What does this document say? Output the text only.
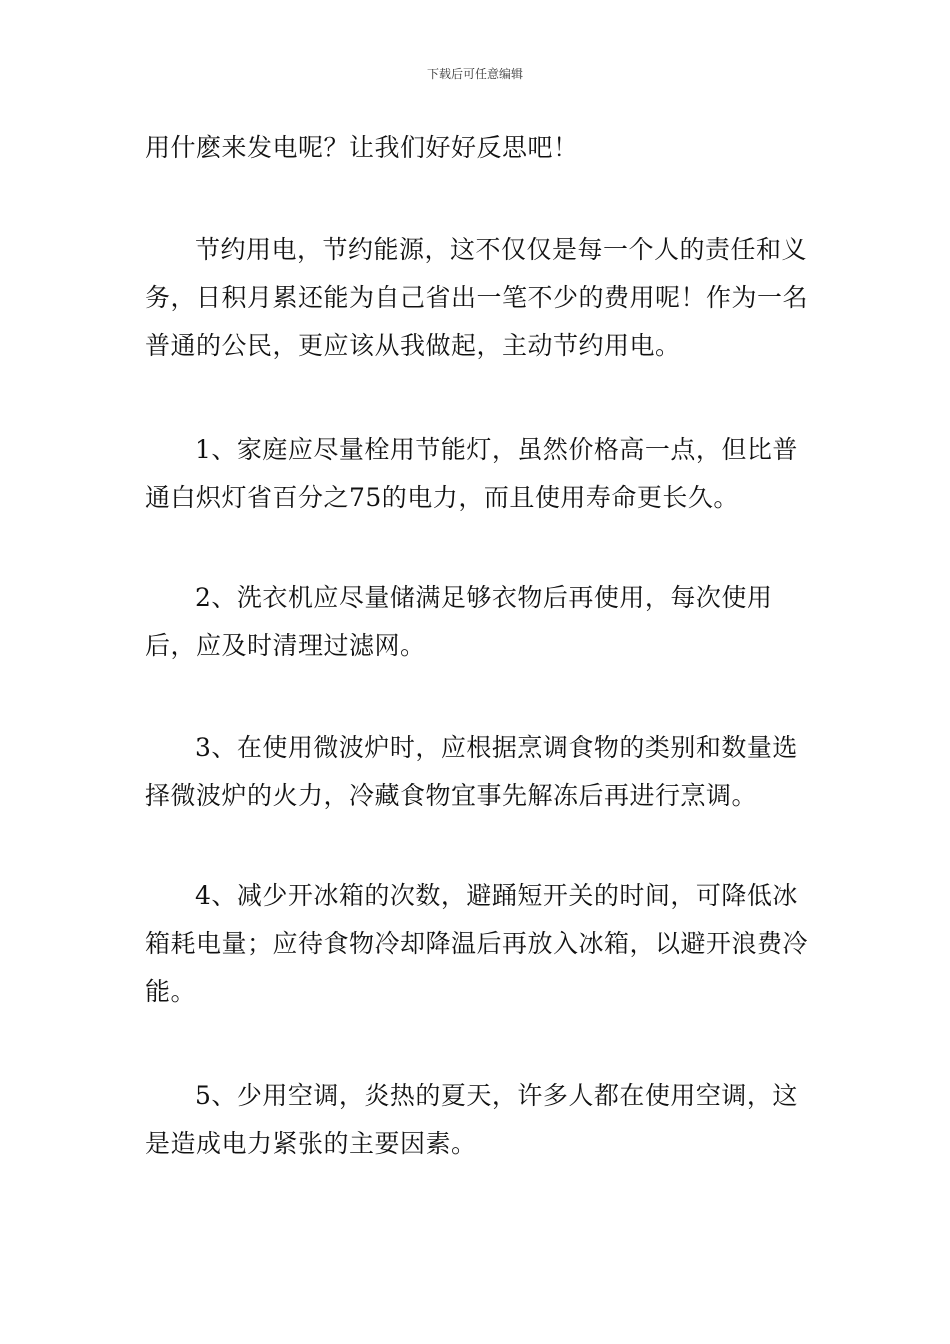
下载后可任意编辑

用什麽来发电呢？让我们好好反思吧！

节约用电，节约能源，这不仅仅是每一个人的责任和义务，日积月累还能为自己省出一笔不少的费用呢！作为一名普通的公民，更应该从我做起，主动节约用电。

1、家庭应尽量栓用节能灯，虽然价格高一点，但比普通白炽灯省百分之75的电力，而且使用寿命更长久。

2、洗衣机应尽量储满足够衣物后再使用，每次使用后，应及时清理过滤网。

3、在使用微波炉时，应根据烹调食物的类别和数量选择微波炉的火力，冷藏食物宜事先解冻后再进行烹调。

4、减少开冰箱的次数，避踊短开关的时间，可降低冰箱耗电量；应待食物冷却降温后再放入冰箱，以避开浪费冷能。

5、少用空调，炎热的夏天，许多人都在使用空调，这是造成电力紧张的主要因素。
